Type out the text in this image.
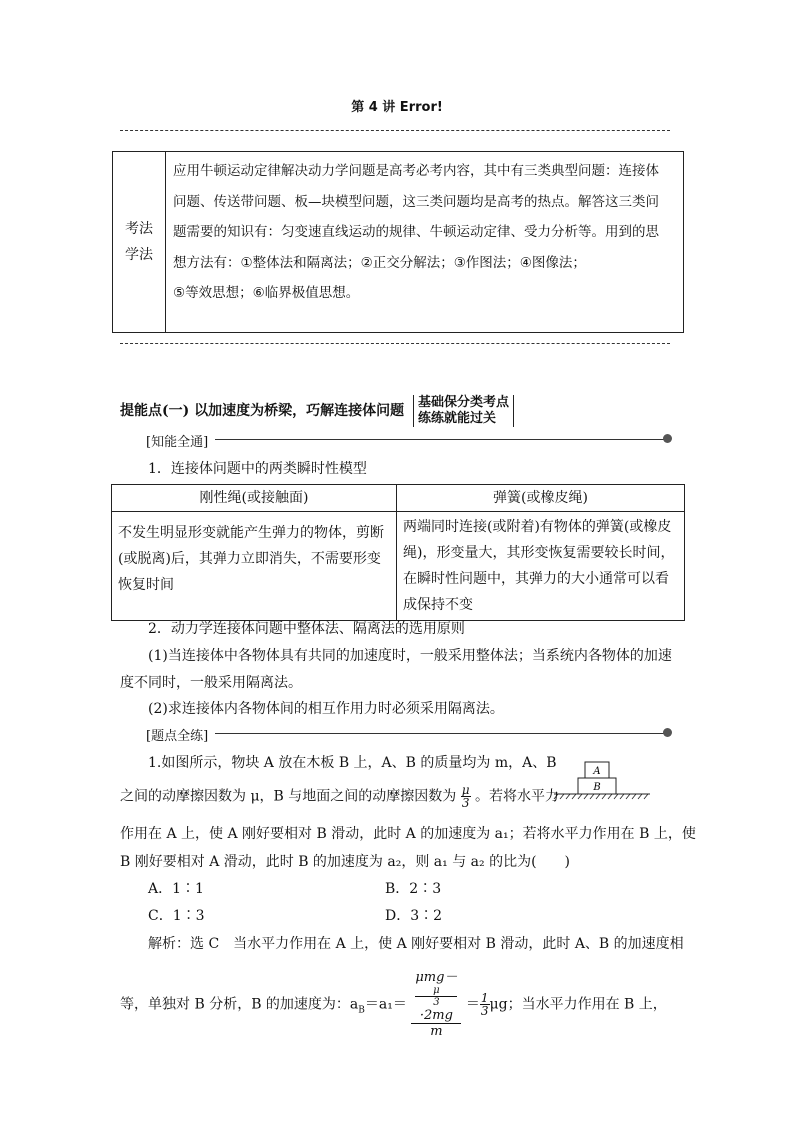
第 4 讲 Error!
考法
学法
应用牛顿运动定律解决动力学问题是高考必考内容，其中有三类典型问题：连接体
问题、传送带问题、板—块模型问题，这三类问题均是高考的热点。解答这三类问
题需要的知识有：匀变速直线运动的规律、牛顿运动定律、受力分析等。用到的思
想方法有：①整体法和隔离法；②正交分解法；③作图法；④图像法；
⑤等效思想；⑥临界极值思想。
提能点(一) 以加速度为桥梁，巧解连接体问题
基础保分类考点
练练就能过关
[知能全通]
1．连接体问题中的两类瞬时性模型
刚性绳(或接触面)	弹簧(或橡皮绳)
不发生明显形变就能产生弹力的物体，剪断(或脱离)后，其弹力立即消失，不需要形变恢复时间	两端同时连接(或附着)有物体的弹簧(或橡皮绳)，形变量大，其形变恢复需要较长时间，在瞬时性问题中，其弹力的大小通常可以看成保持不变
2．动力学连接体问题中整体法、隔离法的选用原则
(1)当连接体中各物体具有共同的加速度时，一般采用整体法；当系统内各物体的加速
度不同时，一般采用隔离法。
(2)求连接体内各物体间的相互作用力时必须采用隔离法。
[题点全练]
1.如图所示，物块 A 放在木板 B 上，A、B 的质量均为 m，A、B
A
B
之间的动摩擦因数为 μ，B 与地面之间的动摩擦因数为 $\frac{\mu}{3}$ 。若将水平力
作用在 A 上，使 A 刚好要相对 B 滑动，此时 A 的加速度为 a₁；若将水平力作用在 B 上，使
B 刚好要相对 A 滑动，此时 B 的加速度为 a₂，则 a₁ 与 a₂ 的比为(　　)
A．1∶1	B．2∶3
C．1∶3	D．3∶2
解析：选 C　当水平力作用在 A 上，使 A 刚好要相对 B 滑动，此时 A、B 的加速度相
等，单独对 B 分析，B 的加速度为：$a_B=a_1= \mu mg-$
μ
3
·2mg
$m = \frac{1}{3}$ μg；当水平力作用在 B 上，
